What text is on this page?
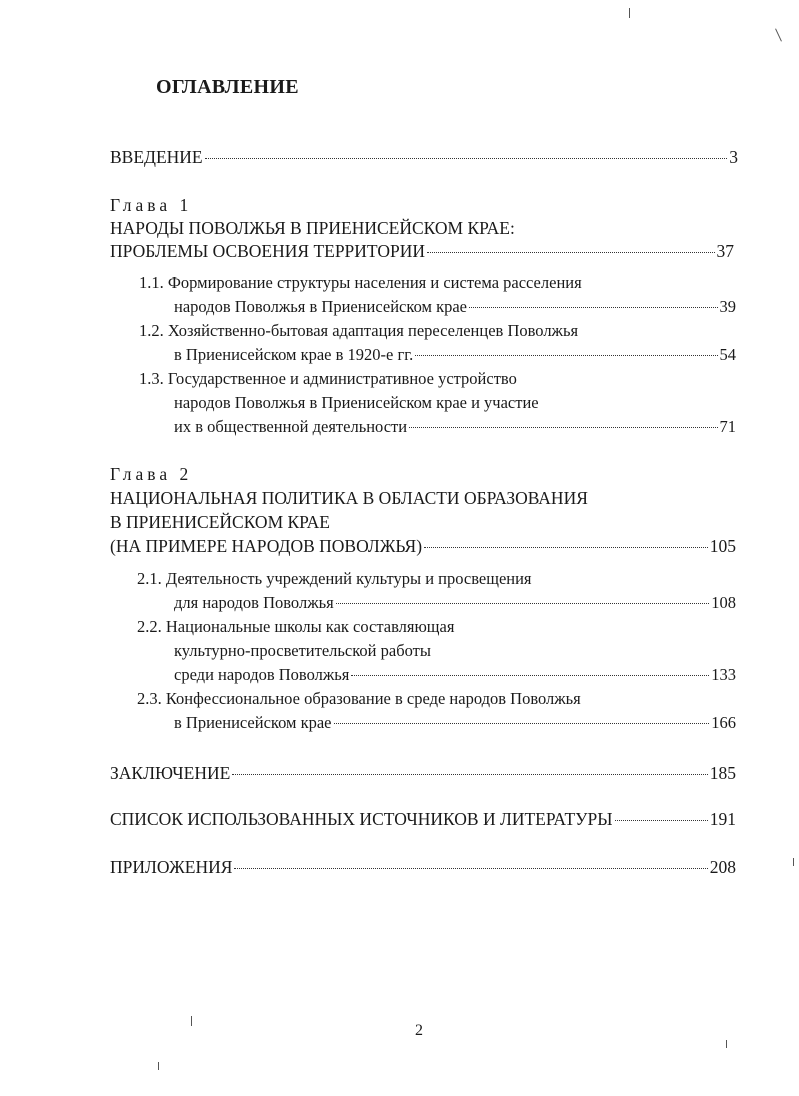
ОГЛАВЛЕНИЕ
ВВЕДЕНИЕ	3
Глава 1
НАРОДЫ ПОВОЛЖЬЯ В ПРИЕНИСЕЙСКОМ КРАЕ:
ПРОБЛЕМЫ ОСВОЕНИЯ ТЕРРИТОРИИ	37
1.1. Формирование структуры населения и система расселения
народов Поволжья в Приенисейском крае	39
1.2. Хозяйственно-бытовая адаптация переселенцев Поволжья
в Приенисейском крае в 1920-е гг.	54
1.3. Государственное и административное устройство
народов Поволжья в Приенисейском крае и участие
их в общественной деятельности	71
Глава 2
НАЦИОНАЛЬНАЯ ПОЛИТИКА В ОБЛАСТИ ОБРАЗОВАНИЯ
В ПРИЕНИСЕЙСКОМ КРАЕ
(НА ПРИМЕРЕ НАРОДОВ ПОВОЛЖЬЯ)	105
2.1. Деятельность учреждений культуры и просвещения
для народов Поволжья	108
2.2. Национальные школы как составляющая
культурно-просветительской работы
среди народов Поволжья	133
2.3. Конфессиональное образование в среде народов Поволжья
в Приенисейском крае	166
ЗАКЛЮЧЕНИЕ	185
СПИСОК ИСПОЛЬЗОВАННЫХ ИСТОЧНИКОВ И ЛИТЕРАТУРЫ	191
ПРИЛОЖЕНИЯ	208
2
